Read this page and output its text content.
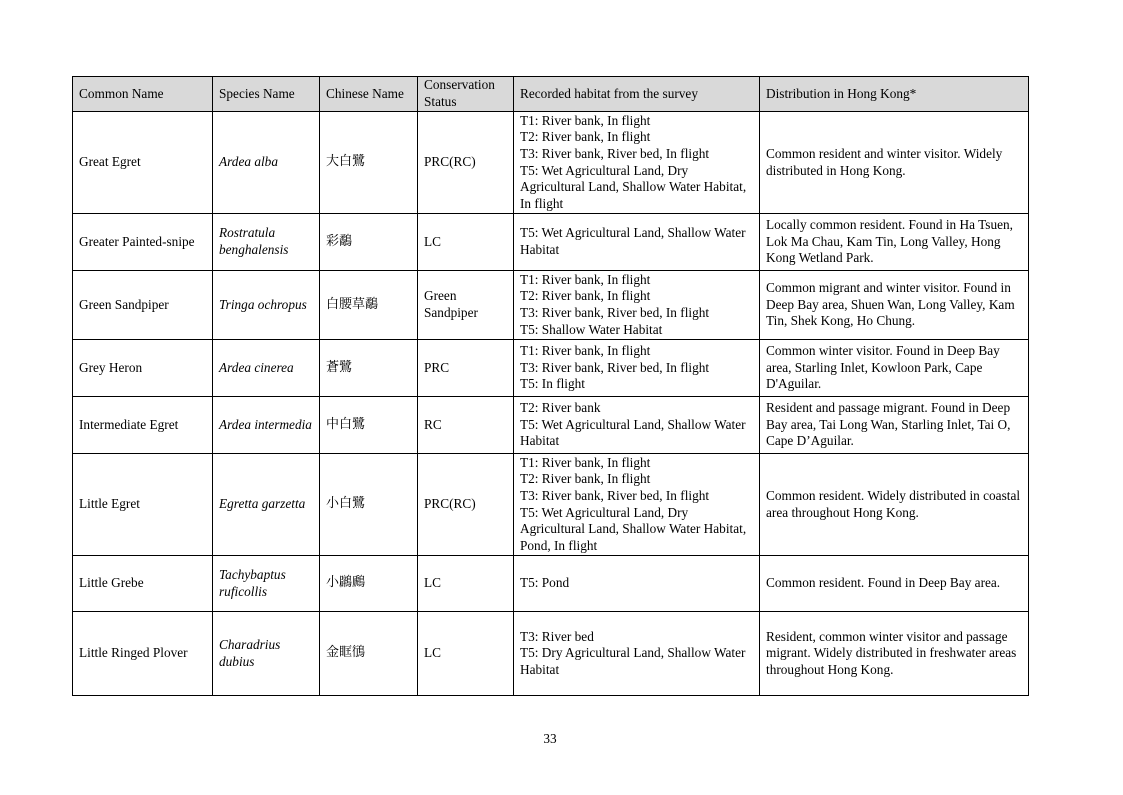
Common Name	Species Name	Chinese Name	Conservation Status	Recorded habitat from the survey	Distribution in Hong Kong*
Great Egret	Ardea alba	大白鷺	PRC(RC)	T1: River bank, In flight
T2: River bank, In flight
T3: River bank, River bed, In flight
T5: Wet Agricultural Land, Dry Agricultural Land, Shallow Water Habitat, In flight	Common resident and winter visitor. Widely distributed in Hong Kong.
Greater Painted-snipe	Rostratula benghalensis	彩鷸	LC	T5: Wet Agricultural Land, Shallow Water Habitat	Locally common resident. Found in Ha Tsuen, Lok Ma Chau, Kam Tin, Long Valley, Hong Kong Wetland Park.
Green Sandpiper	Tringa ochropus	白腰草鷸	Green Sandpiper	T1: River bank, In flight
T2: River bank, In flight
T3: River bank, River bed, In flight
T5: Shallow Water Habitat	Common migrant and winter visitor. Found in Deep Bay area, Shuen Wan, Long Valley, Kam Tin, Shek Kong, Ho Chung.
Grey Heron	Ardea cinerea	蒼鷺	PRC	T1: River bank, In flight
T3: River bank, River bed, In flight
T5: In flight	Common winter visitor. Found in Deep Bay area, Starling Inlet, Kowloon Park, Cape D'Aguilar.
Intermediate Egret	Ardea intermedia	中白鷺	RC	T2: River bank
T5: Wet Agricultural Land, Shallow Water Habitat	Resident and passage migrant. Found in Deep Bay area, Tai Long Wan, Starling Inlet, Tai O, Cape D’Aguilar.
Little Egret	Egretta garzetta	小白鷺	PRC(RC)	T1: River bank, In flight
T2: River bank, In flight
T3: River bank, River bed, In flight
T5: Wet Agricultural Land, Dry Agricultural Land, Shallow Water Habitat, Pond, In flight	Common resident. Widely distributed in coastal area throughout Hong Kong.
Little Grebe	Tachybaptus ruficollis	小鸊鷉	LC	T5: Pond	Common resident. Found in Deep Bay area.
Little Ringed Plover	Charadrius dubius	金眶鴴	LC	T3: River bed
T5: Dry Agricultural Land, Shallow Water Habitat	Resident, common winter visitor and passage migrant. Widely distributed in freshwater areas throughout Hong Kong.
33
